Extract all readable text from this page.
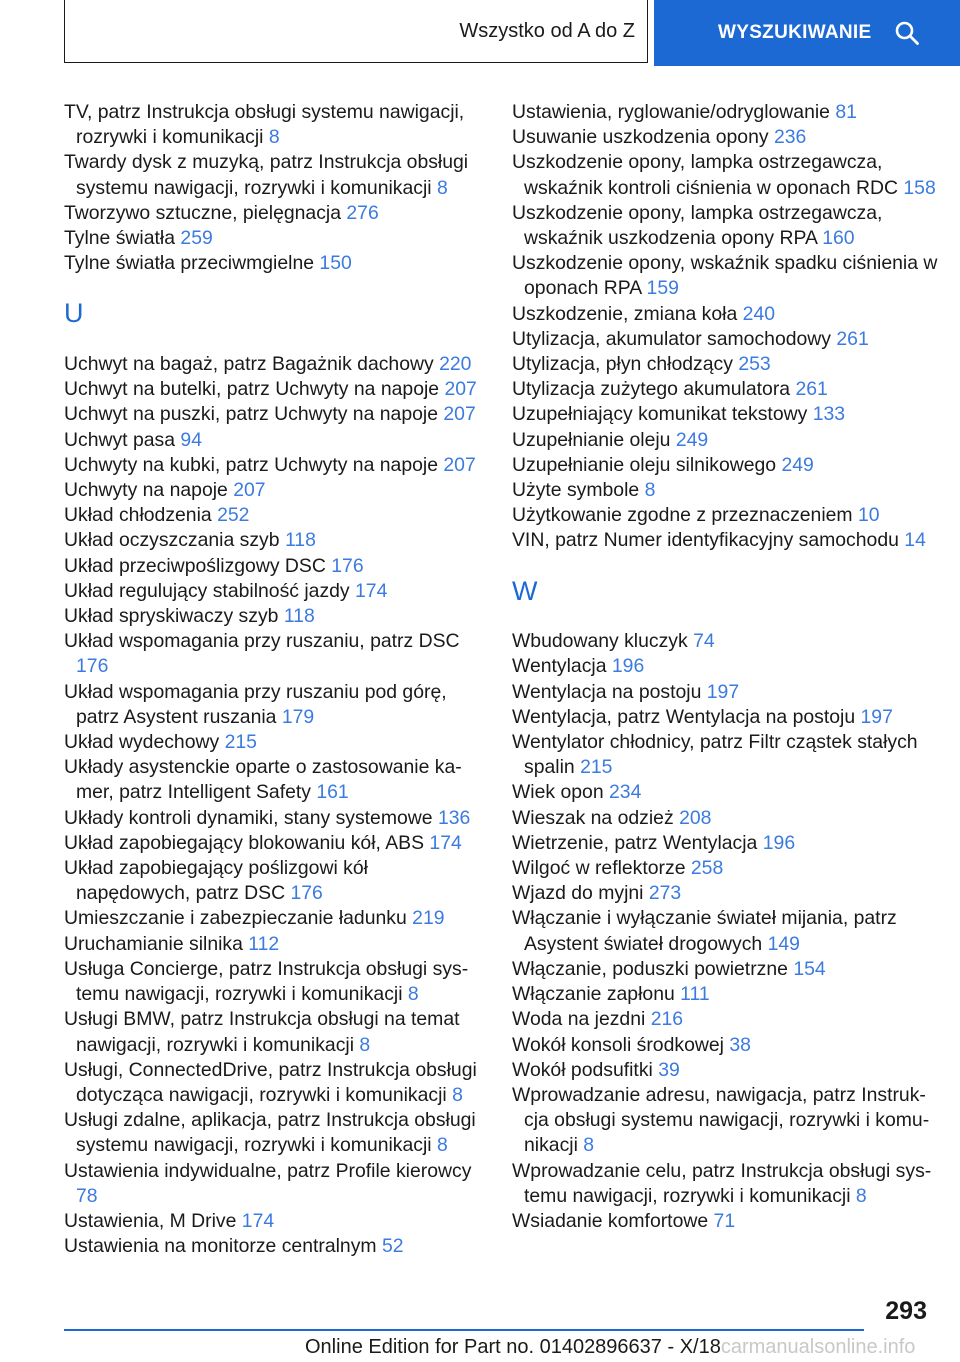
Wszystko od A do Z	WYSZUKIWANIE
TV, patrz Instrukcja obsługi systemu nawigacji, rozrywki i komunikacji 8
Twardy dysk z muzyką, patrz Instrukcja obsługi systemu nawigacji, rozrywki i komunikacji 8
Tworzywo sztuczne, pielęgnacja 276
Tylne światła 259
Tylne światła przeciwmgielne 150
U
Uchwyt na bagaż, patrz Bagażnik dachowy 220
Uchwyt na butelki, patrz Uchwyty na napoje 207
Uchwyt na puszki, patrz Uchwyty na napoje 207
Uchwyt pasa 94
Uchwyty na kubki, patrz Uchwyty na napoje 207
Uchwyty na napoje 207
Układ chłodzenia 252
Układ oczyszczania szyb 118
Układ przeciwpoślizgowy DSC 176
Układ regulujący stabilność jazdy 174
Układ spryskiwaczy szyb 118
Układ wspomagania przy ruszaniu, patrz DSC 176
Układ wspomagania przy ruszaniu pod górę, patrz Asystent ruszania 179
Układ wydechowy 215
Układy asystenckie oparte o zastosowanie kamer, patrz Intelligent Safety 161
Układy kontroli dynamiki, stany systemowe 136
Układ zapobiegający blokowaniu kół, ABS 174
Układ zapobiegający poślizgowi kół napędowych, patrz DSC 176
Umieszczanie i zabezpieczanie ładunku 219
Uruchamianie silnika 112
Usługa Concierge, patrz Instrukcja obsługi systemu nawigacji, rozrywki i komunikacji 8
Usługi BMW, patrz Instrukcja obsługi na temat nawigacji, rozrywki i komunikacji 8
Usługi, ConnectedDrive, patrz Instrukcja obsługi dotycząca nawigacji, rozrywki i komunikacji 8
Usługi zdalne, aplikacja, patrz Instrukcja obsługi systemu nawigacji, rozrywki i komunikacji 8
Ustawienia indywidualne, patrz Profile kierowcy 78
Ustawienia, M Drive 174
Ustawienia na monitorze centralnym 52
Ustawienia, ryglowanie/odryglowanie 81
Usuwanie uszkodzenia opony 236
Uszkodzenie opony, lampka ostrzegawcza, wskaźnik kontroli ciśnienia w oponach RDC 158
Uszkodzenie opony, lampka ostrzegawcza, wskaźnik uszkodzenia opony RPA 160
Uszkodzenie opony, wskaźnik spadku ciśnienia w oponach RPA 159
Uszkodzenie, zmiana koła 240
Utylizacja, akumulator samochodowy 261
Utylizacja, płyn chłodzący 253
Utylizacja zużytego akumulatora 261
Uzupełniający komunikat tekstowy 133
Uzupełnianie oleju 249
Uzupełnianie oleju silnikowego 249
Użyte symbole 8
Użytkowanie zgodne z przeznaczeniem 10
VIN, patrz Numer identyfikacyjny samochodu 14
W
Wbudowany kluczyk 74
Wentylacja 196
Wentylacja na postoju 197
Wentylacja, patrz Wentylacja na postoju 197
Wentylator chłodnicy, patrz Filtr cząstek stałych spalin 215
Wiek opon 234
Wieszak na odzież 208
Wietrzenie, patrz Wentylacja 196
Wilgoć w reflektorze 258
Wjazd do myjni 273
Włączanie i wyłączanie świateł mijania, patrz Asystent świateł drogowych 149
Włączanie, poduszki powietrzne 154
Włączanie zapłonu 111
Woda na jezdni 216
Wokół konsoli środkowej 38
Wokół podsufitki 39
Wprowadzanie adresu, nawigacja, patrz Instrukcja obsługi systemu nawigacji, rozrywki i komunikacji 8
Wprowadzanie celu, patrz Instrukcja obsługi systemu nawigacji, rozrywki i komunikacji 8
Wsiadanie komfortowe 71
293
Online Edition for Part no. 01402896637 - X/18carmanualsonline.info
